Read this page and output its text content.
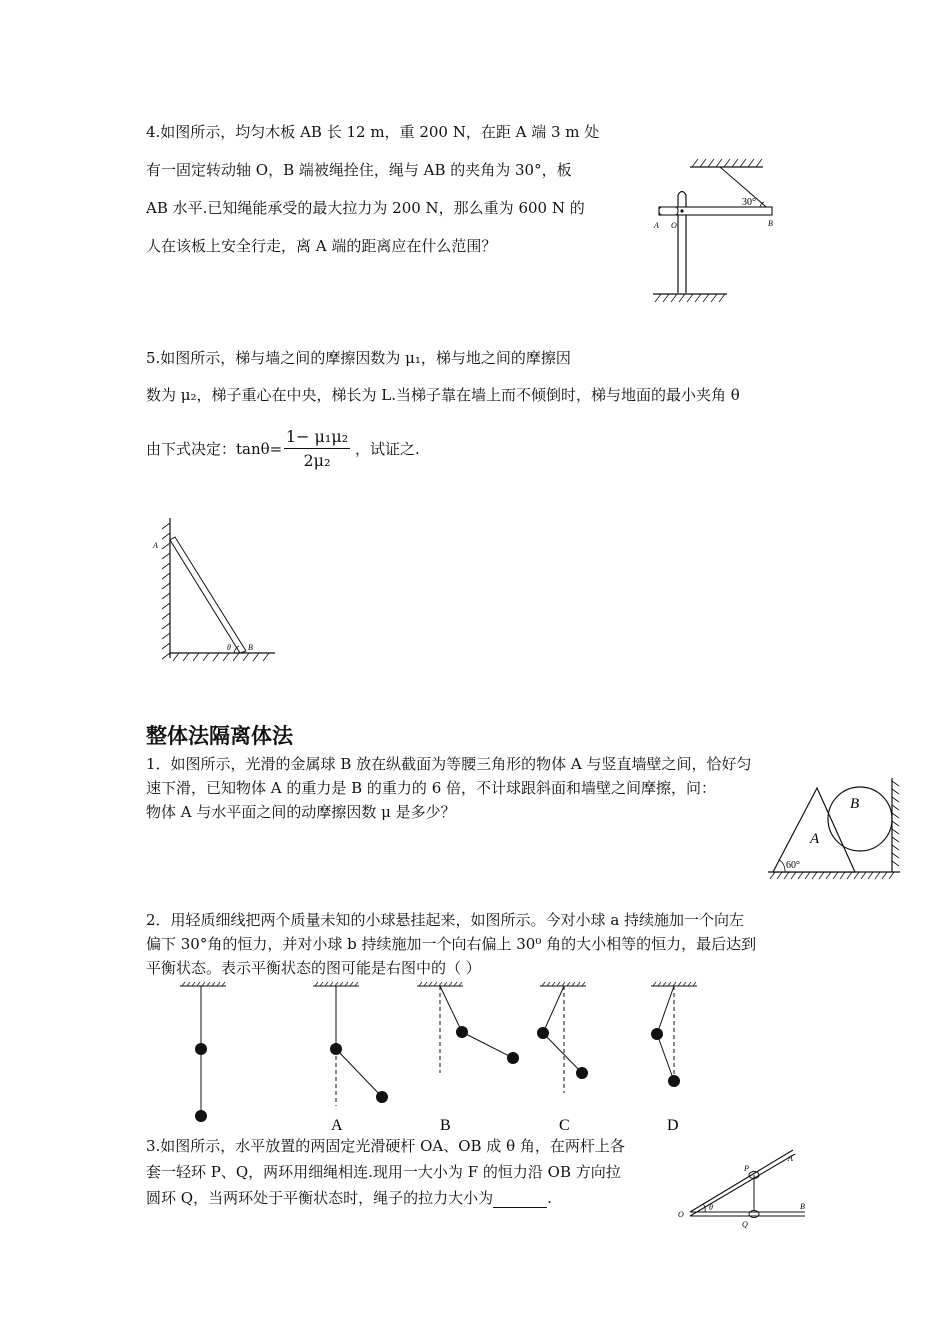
4.如图所示，均匀木板 AB 长 12 m，重 200 N，在距 A 端 3 m 处
有一固定转动轴 O，B 端被绳拴住，绳与 AB 的夹角为 30°，板
AB 水平.已知绳能承受的最大拉力为 200 N，那么重为 600 N 的
人在该板上安全行走，离 A 端的距离应在什么范围？
30°
A O	B
5.如图所示，梯与墙之间的摩擦因数为 μ₁，梯与地之间的摩擦因
数为 μ₂，梯子重心在中央，梯长为 L.当梯子靠在墙上而不倾倒时，梯与地面的最小夹角 θ
由下式决定：tanθ=
1− μ₁μ₂
2μ₂
，试证之.
A
θ B
整体法隔离体法
1．如图所示，光滑的金属球 B 放在纵截面为等腰三角形的物体 A 与竖直墙壁之间，恰好匀
速下滑，已知物体 A 的重力是 B 的重力的 6 倍，不计球跟斜面和墙壁之间摩擦，问：
物体 A 与水平面之间的动摩擦因数 μ 是多少？
A
B
60°
2．用轻质细线把两个质量未知的小球悬挂起来，如图所示。今对小球 a 持续施加一个向左
偏下 30°角的恒力，并对小球 b 持续施加一个向右偏上 30⁰ 角的大小相等的恒力，最后达到
平衡状态。表示平衡状态的图可能是右图中的（ ）
A	B	C	D
3.如图所示，水平放置的两固定光滑硬杆 OA、OB 成 θ 角，在两杆上各
套一轻环 P、Q，两环用细绳相连.现用一大小为 F 的恒力沿 OB 方向拉
圆环 Q，当两环处于平衡状态时，绳子的拉力大小为	.
O
θ
P
Q
A
B
